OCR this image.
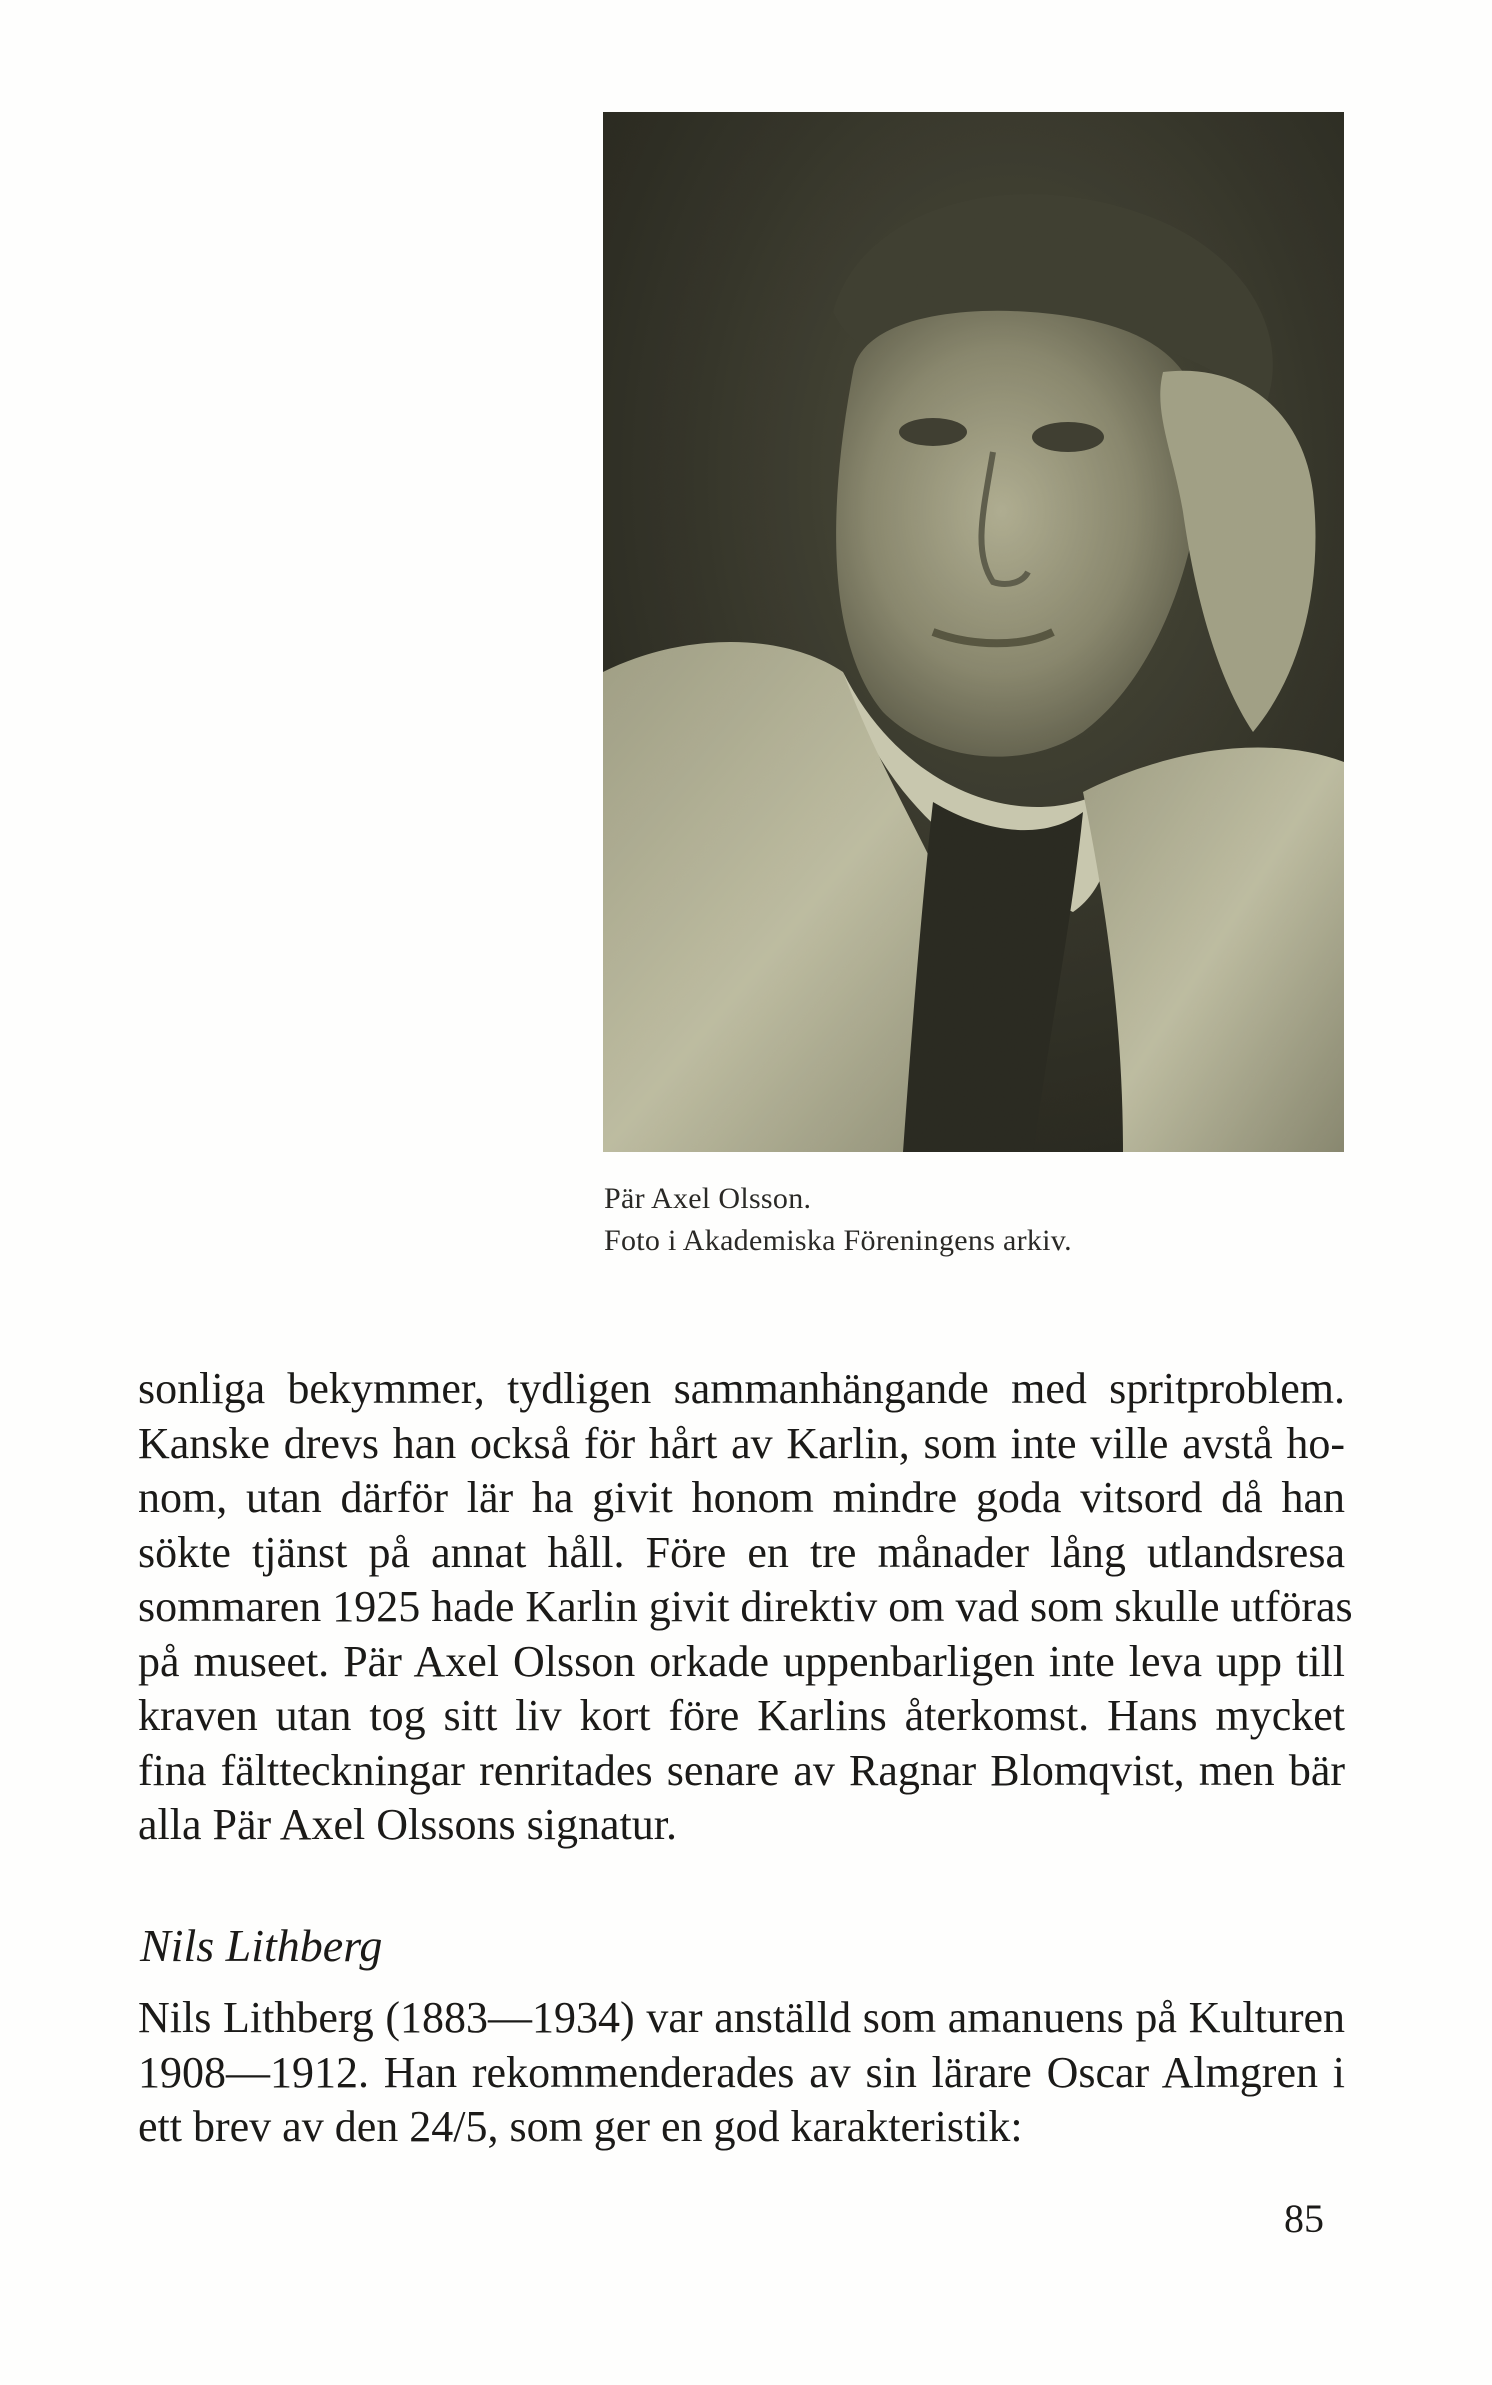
Pär Axel Olsson.
Foto i Akademiska Föreningens arkiv.
sonliga bekymmer, tydligen sammanhängande med spritproblem.
Kanske drevs han också för hårt av Karlin, som inte ville avstå ho-
nom, utan därför lär ha givit honom mindre goda vitsord då han
sökte tjänst på annat håll. Före en tre månader lång utlandsresa
sommaren 1925 hade Karlin givit direktiv om vad som skulle utföras
på museet. Pär Axel Olsson orkade uppenbarligen inte leva upp till
kraven utan tog sitt liv kort före Karlins återkomst. Hans mycket
fina fältteckningar renritades senare av Ragnar Blomqvist, men bär
alla Pär Axel Olssons signatur.
Nils Lithberg
Nils Lithberg (1883—1934) var anställd som amanuens på Kulturen
1908—1912. Han rekommenderades av sin lärare Oscar Almgren i
ett brev av den 24/5, som ger en god karakteristik:
85
